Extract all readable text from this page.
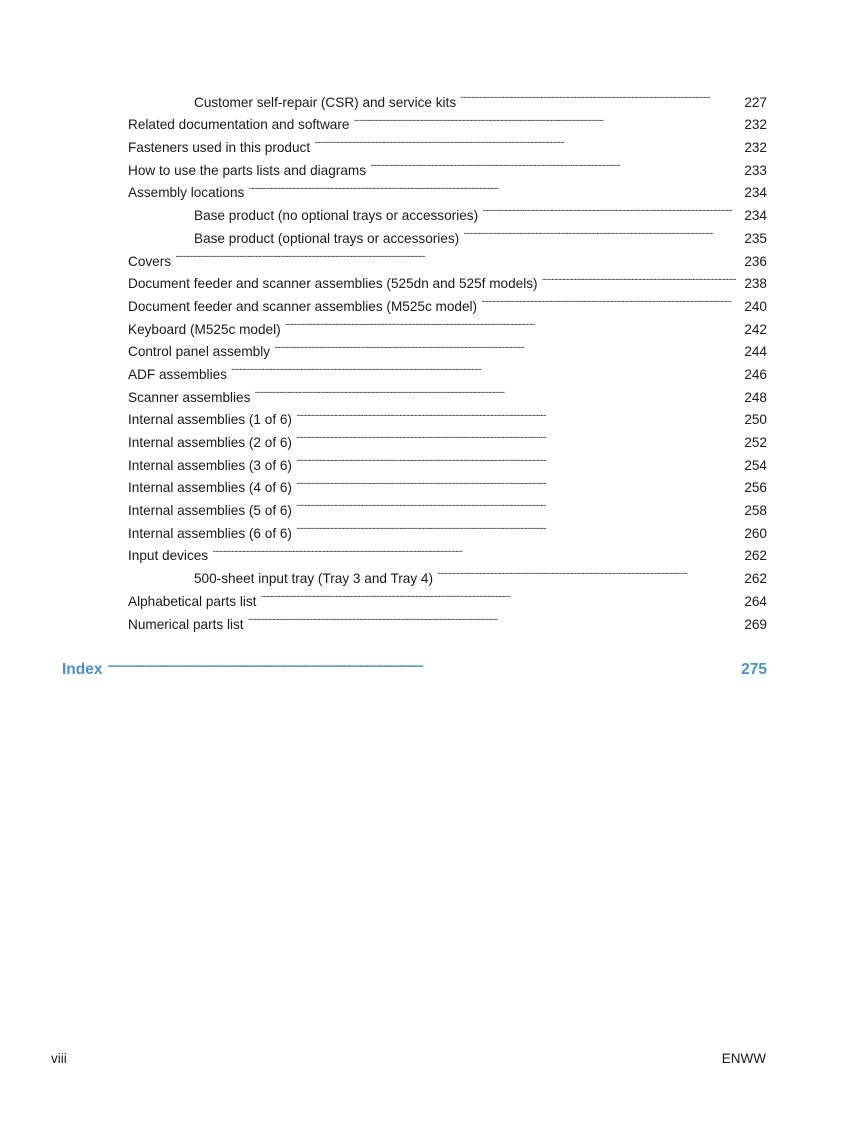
Customer self-repair (CSR) and service kits . . .	227
Related documentation and software . . .	232
Fasteners used in this product . . .	232
How to use the parts lists and diagrams . . .	233
Assembly locations . . .	234
Base product (no optional trays or accessories) . . .	234
Base product (optional trays or accessories) . . .	235
Covers . . .	236
Document feeder and scanner assemblies (525dn and 525f models) . . .	238
Document feeder and scanner assemblies (M525c model) . . .	240
Keyboard (M525c model) . . .	242
Control panel assembly . . .	244
ADF assemblies . . .	246
Scanner assemblies . . .	248
Internal assemblies (1 of 6) . . .	250
Internal assemblies (2 of 6) . . .	252
Internal assemblies (3 of 6) . . .	254
Internal assemblies (4 of 6) . . .	256
Internal assemblies (5 of 6) . . .	258
Internal assemblies (6 of 6) . . .	260
Input devices . . .	262
500-sheet input tray (Tray 3 and Tray 4) . . .	262
Alphabetical parts list . . .	264
Numerical parts list . . .	269
Index . . .	275
viii	ENWW
